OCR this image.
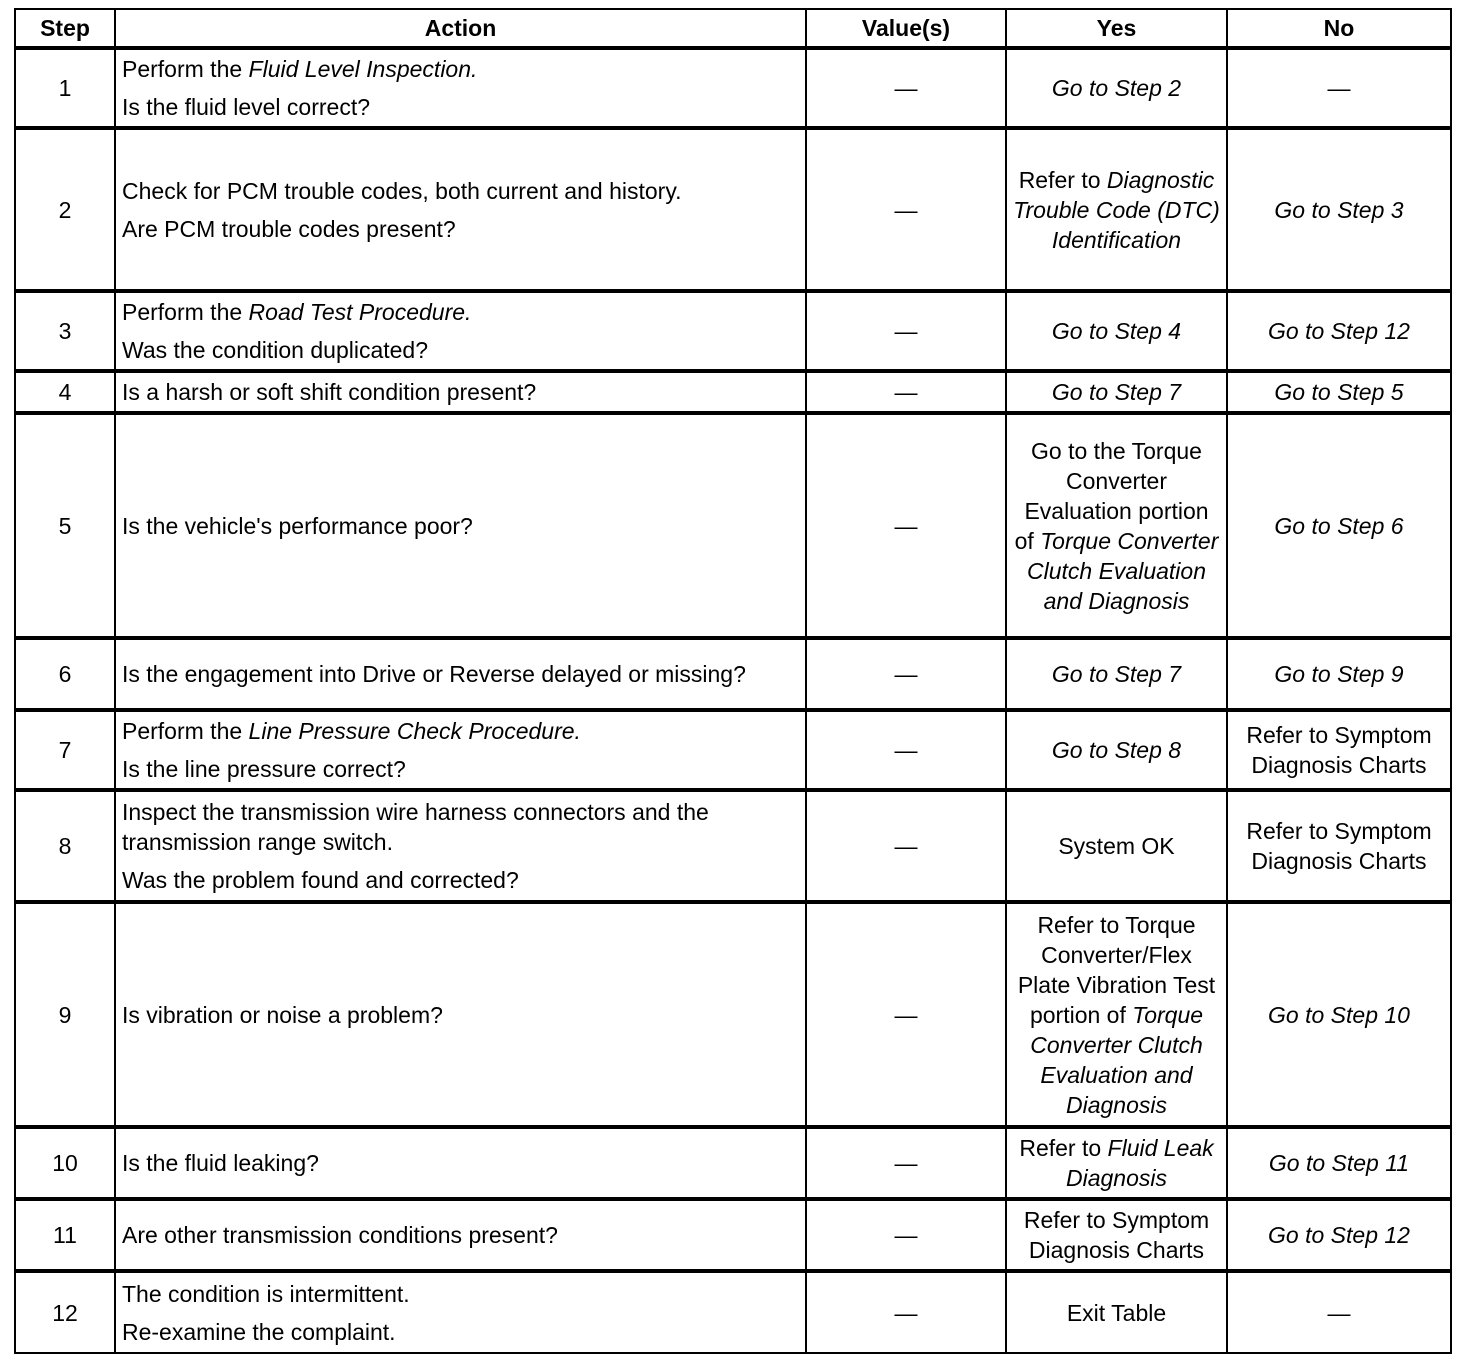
Step	Action	Value(s)	Yes	No
1	Perform the Fluid Level Inspection.

Is the fluid level correct?	—	Go to Step 2	—
2	Check for PCM trouble codes, both current and history.

Are PCM trouble codes present?	—	Refer to Diagnostic Trouble Code (DTC) Identification	Go to Step 3
3	Perform the Road Test Procedure.

Was the condition duplicated?	—	Go to Step 4	Go to Step 12
4	Is a harsh or soft shift condition present?	—	Go to Step 7	Go to Step 5
5	Is the vehicle's performance poor?	—	Go to the Torque Converter Evaluation portion of Torque Converter Clutch Evaluation and Diagnosis	Go to Step 6
6	Is the engagement into Drive or Reverse delayed or missing?	—	Go to Step 7	Go to Step 9
7	Perform the Line Pressure Check Procedure.

Is the line pressure correct?	—	Go to Step 8	Refer to Symptom Diagnosis Charts
8	Inspect the transmission wire harness connectors and the transmission range switch.

Was the problem found and corrected?	—	System OK	Refer to Symptom Diagnosis Charts
9	Is vibration or noise a problem?	—	Refer to Torque Converter/Flex Plate Vibration Test portion of Torque Converter Clutch Evaluation and Diagnosis	Go to Step 10
10	Is the fluid leaking?	—	Refer to Fluid Leak Diagnosis	Go to Step 11
11	Are other transmission conditions present?	—	Refer to Symptom Diagnosis Charts	Go to Step 12
12	The condition is intermittent.

Re-examine the complaint.	—	Exit Table	—
